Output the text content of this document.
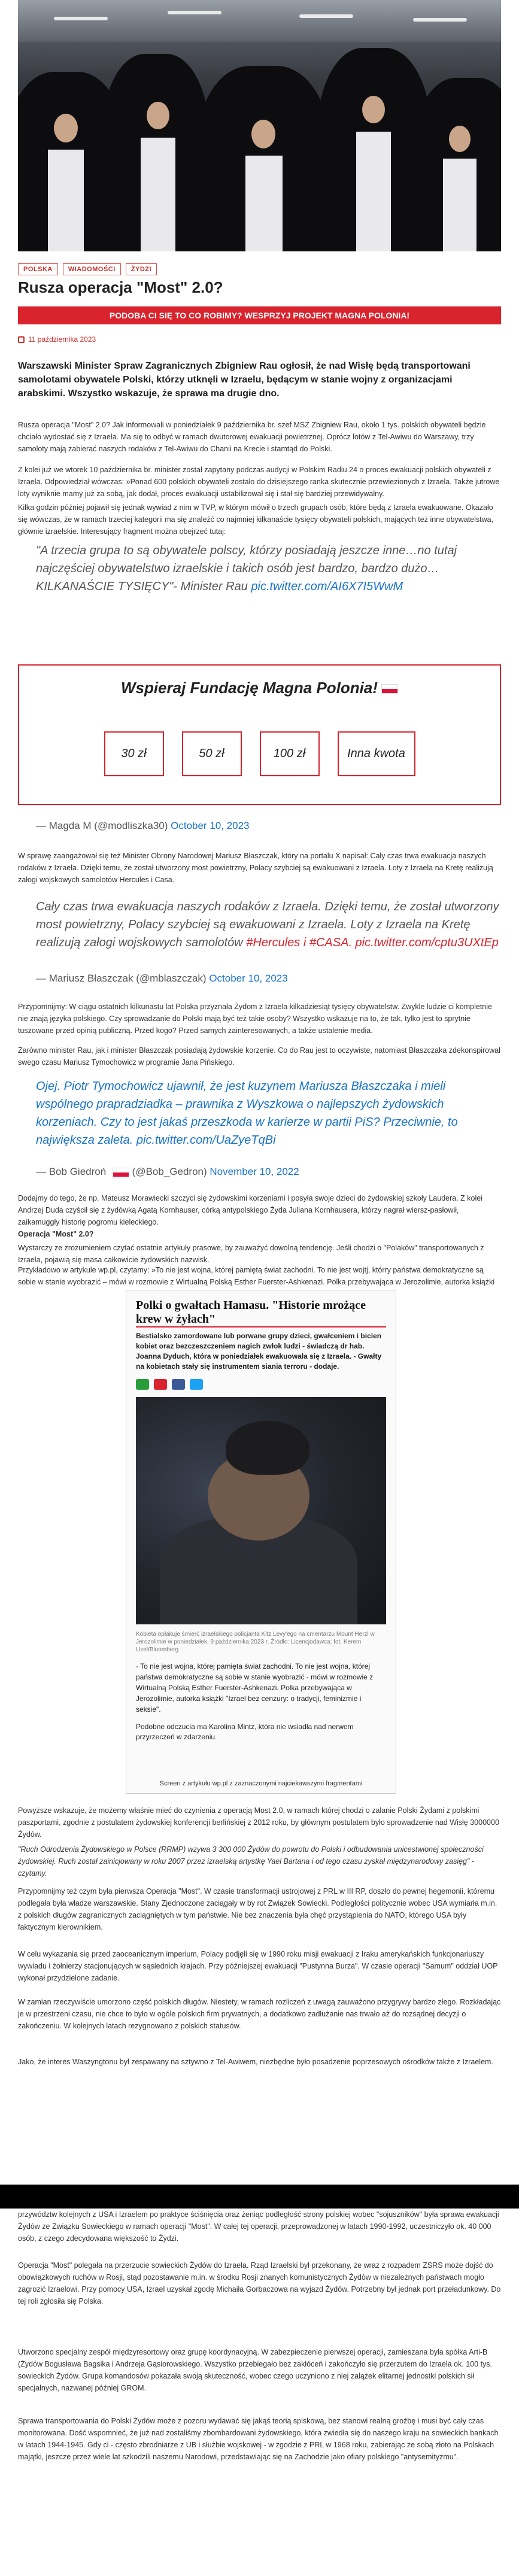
POLSKA	WIADOMOŚCI	ŻYDZI
Rusza operacja "Most" 2.0?
PODOBA CI SIĘ TO CO ROBIMY? WESPRZYJ PROJEKT MAGNA POLONIA!
11 października 2023
Warszawski Minister Spraw Zagranicznych Zbigniew Rau ogłosił, że nad Wisłę będą transportowani samolotami obywatele Polski, którzy utknęli w Izraelu, będącym w stanie wojny z organizacjami arabskimi. Wszystko wskazuje, że sprawa ma drugie dno.
Rusza operacja "Most" 2.0? Jak informowali w poniedziałek 9 października br. szef MSZ Zbigniew Rau, około 1 tys. polskich obywateli będzie chciało wydostać się z Izraela. Ma się to odbyć w ramach dwutorowej ewakuacji powietrznej. Oprócz lotów z Tel-Awiwu do Warszawy, trzy samoloty mają zabierać naszych rodaków z Tel-Awiwu do Chanii na Krecie i stamtąd do Polski.
Z kolei już we wtorek 10 października br. minister został zapytany podczas audycji w Polskim Radiu 24 o proces ewakuacji polskich obywateli z Izraela. Odpowiedział wówczas: »Ponad 600 polskich obywateli zostało do dzisiejszego ranka skutecznie przewiezionych z Izraela. Także jutrowe loty wyniknie mamy już za sobą, jak dodał, proces ewakuacji ustabilizował się i stał się bardziej przewidywalny.
Kilka godzin później pojawił się jednak wywiad z nim w TVP, w którym mówił o trzech grupach osób, które będą z Izraela ewakuowane. Okazało się wówczas, że w ramach trzeciej kategorii ma się znaleźć co najmniej kilkanaście tysięcy obywateli polskich, mających też inne obywatelstwa, głównie izraelskie. Interesujący fragment można obejrzeć tutaj:
"A trzecia grupa to są obywatele polscy, którzy posiadają jeszcze inne…no tutaj najczęściej obywatelstwo izraelskie i takich osób jest bardzo, bardzo dużo… KILKANAŚCIE TYSIĘCY"- Minister Rau pic.twitter.com/AI6X7I5WwM
Wspieraj Fundację Magna Polonia!
30 zł	50 zł	100 zł	Inna kwota
— Magda M (@modliszka30) October 10, 2023
W sprawę zaangażował się też Minister Obrony Narodowej Mariusz Błaszczak, który na portalu X napisał: Cały czas trwa ewakuacja naszych rodaków z Izraela. Dzięki temu, że został utworzony most powietrzny, Polacy szybciej są ewakuowani z Izraela. Loty z Izraela na Kretę realizują załogi wojskowych samolotów Hercules i Casa.
Cały czas trwa ewakuacja naszych rodaków z Izraela. Dzięki temu, że został utworzony most powietrzny, Polacy szybciej są ewakuowani z Izraela. Loty z Izraela na Kretę realizują załogi wojskowych samolotów #Hercules i #CASA. pic.twitter.com/cptu3UXtEp
— Mariusz Błaszczak (@mblaszczak) October 10, 2023
Przypomnijmy: W ciągu ostatnich kilkunastu lat Polska przyznała Żydom z Izraela kilkadziesiąt tysięcy obywatelstw. Zwykle ludzie ci kompletnie nie znają języka polskiego. Czy sprowadzanie do Polski mają być też takie osoby? Wszystko wskazuje na to, że tak, tylko jest to sprytnie tuszowane przed opinią publiczną. Przed kogo? Przed samych zainteresowanych, a także ustalenie media.
Zarówno minister Rau, jak i minister Błaszczak posiadają żydowskie korzenie. Co do Rau jest to oczywiste, natomiast Błaszczaka zdekonspirował swego czasu Mariusz Tymochowicz w programie Jana Pińskiego.
Ojej. Piotr Tymochowicz ujawnił, że jest kuzynem Mariusza Błaszczaka i mieli wspólnego prapradziadka – prawnika z Wyszkowa o najlepszych żydowskich korzeniach. Czy to jest jakaś przeszkoda w karierze w partii PiS? Przeciwnie, to największa zaleta. pic.twitter.com/UaZyeTqBi
— Bob Giedroń	(@Bob_Gedron) November 10, 2022
Dodajmy do tego, że np. Mateusz Morawiecki szczyci się żydowskimi korzeniami i posyła swoje dzieci do żydowskiej szkoły Laudera. Z kolei Andrzej Duda czyścił się z żydówką Agatą Kornhauser, córką antypolskiego Żyda Juliana Kornhausera, którzy nagrał wiersz-pasłowił, zaikamuggły historię pogromu kieleckiego.
Operacja "Most" 2.0?
Wystarczy ze zrozumieniem czytać ostatnie artykuły prasowe, by zauważyć dowolną tendencję. Jeśli chodzi o "Polaków" transportowanych z Izraela, pojawią się masa całkowicie żydowskich nazwisk.
Przykładowo w artykule wp.pl, czytamy: »To nie jest wojna, której pamiętą świat zachodni. To nie jest wojtj, którry państwa demokratyczne są sobie w stanie wyobrazić – mówi w rozmowie z Wirtualną Polską Esther Fuerster-Ashkenazi. Polka przebywająca w Jerozolimie, autorka książki
Polki o gwałtach Hamasu. "Historie mrożące krew w żyłach"
Bestialsko zamordowane lub porwane grupy dzieci, gwałceniem i bicien kobiet oraz bezczeszczeniem nagich zwłok ludzi - świadczą dr hab. Joanna Dyduch, która w poniedziałek ewakuowała się z Izraela. - Gwałty na kobietach stały się instrumentem siania terroru - dodaje.
Kobieta opłakuje śmierć izraelskiego policjanta Kitz Levy'ego na cmentarzu Mount Herzl w Jerozolimie w poniedziałek, 9 października 2023 r. Źródło: Licencjodawca: fot. Kerem Uzel/Bloomberg
- To nie jest wojna, której pamięta świat zachodni. To nie jest wojna, której państwa demokratyczne są sobie w stanie wyobrazić - mówi w rozmowie z Wirtualną Polską Esther Fuerster-Ashkenazi. Polka przebywająca w Jerozolimie, autorka książki "Izrael bez cenzury: o tradycji, feminizmie i seksie".
Podobne odczucia ma Karolina Mintz, która nie wsiadła nad nerwem przyrzeczeń w zdarzeniu.
Screen z artykułu wp.pl z zaznaczonymi najciekawszymi fragmentami
Powyższe wskazuje, że możemy właśnie mieć do czynienia z operacją Most 2.0, w ramach której chodzi o zalanie Polski Żydami z polskimi paszportami, zgodnie z postulatem żydowskiej konferencji berlińskiej z 2012 roku, by głównym postulatem było sprowadzenie nad Wisłę 3000000 Żydów.
"Ruch Odrodzenia Żydowskiego w Polsce (RRMP) wzywa 3 300 000 Żydów do powrotu do Polski i odbudowania unicestwionej społeczności żydowskiej. Ruch został zainicjowany w roku 2007 przez izraelską artystkę Yael Bartana i od tego czasu zyskał międzynarodowy zasięg" - czytamy.
Przypomnijmy też czym była pierwsza Operacja "Most". W czasie transformacji ustrojowej z PRL w III RP, doszło do pewnej hegemonii, któremu podlegała była władze warszawskie. Stany Zjednoczone zaciągały w by rot Związek Sowiecki. Podległości politycznie wobec USA wymiarła m.in. z polskich długów zagranicznych zaciągniętych w tym państwie. Nie bez znaczenia była chęć przystąpienia do NATO, którego USA były faktycznym kierownikiem.
W celu wykazania się przed zaoceanicznym imperium, Polacy podjęli się w 1990 roku misji ewakuacji z Iraku amerykańskich funkcjonariuszy wywiadu i żołnierzy stacjonujących w sąsiednich krajach. Przy późniejszej ewakuacji "Pustynna Burza". W czasie operacji "Samum" oddział UOP wykonał przydzielone zadanie.
W zamian rzeczywiście umorzono część polskich długów. Niestety, w ramach rozliczeń z uwagą zauważono przygrywy bardzo złego. Rozkładając je w przestrzeni czasu, nie chce to było w ogóle polskich firm prywatnych, a dodatkowo zadłużanie nas trwało aż do rozsądnej decyzji o zakończeniu. W kolejnych latach rezygnowano z polskich statusów.
Jako, że interes Waszyngtonu był zespawany na sztywno z Tel-Awiwem, niezbędne było posadzenie poprzesowych ośrodków także z Izraelem.
przywództw kolejnych z USA i Izraelem po praktyce ściśnięcia oraz żeniąc podległość strony polskiej wobec "sojuszników" była sprawa ewakuacji Żydów ze Związku Sowieckiego w ramach operacji "Most". W całej tej operacji, przeprowadzonej w latach 1990-1992, uczestniczyło ok. 40 000 osób, z czego zdecydowana większość to Żydzi.
Operacja "Most" polegała na przerzucie sowieckich Żydów do Izraela. Rząd Izraelski był przekonany, że wraz z rozpadem ZSRS może dojść do obowiązkowych ruchów w Rosji, stąd pozostawanie m.in. w środku Rosji znanych komunistycznych Żydów w niezależnych państwach mogło zagrozić Izraelowi. Przy pomocy USA, Izrael uzyskał zgodę Michaiła Gorbaczowa na wyjazd Żydów. Potrzebny był jednak port przeładunkowy. Do tej roli zgłosiła się Polska.
Utworzono specjalny zespół międzyresortowy oraz grupę koordynacyjną. W zabezpieczenie pierwszej operacji, zamieszana była spółka Arti-B (Żydów Bogusława Bagsika i Andrzeja Gąsiorowskiego. Wszystko przebiegało bez zakłóceń i zakończyło się przerzutem do Izraela ok. 100 tys. sowieckich Żydów. Grupa komandosów pokazała swoją skuteczność, wobec czego uczyniono z niej zalążek elitarnej jednostki polskich sił specjalnych, nazwanej później GROM.
Sprawa transportowania do Polski Żydów może z pozoru wydawać się jakąś teorią spiskową, bez stanowi realną groźbę i musi być cały czas monitorowana. Dość wspomnieć, że już nad zostaliśmy zbombardowani żydowskiego, która zwiedła się do naszego kraju na sowieckich bankach w latach 1944-1945. Gdy ci - często zbrodniarze z UB i służbie wojskowej - w zgodzie z PRL w 1968 roku, zabierając ze sobą złoto na Polskach majątki, jeszcze przez wiele lat szkodzili naszemu Narodowi, przedstawiając się na Zachodzie jako ofiary polskiego "antysemityzmu".
